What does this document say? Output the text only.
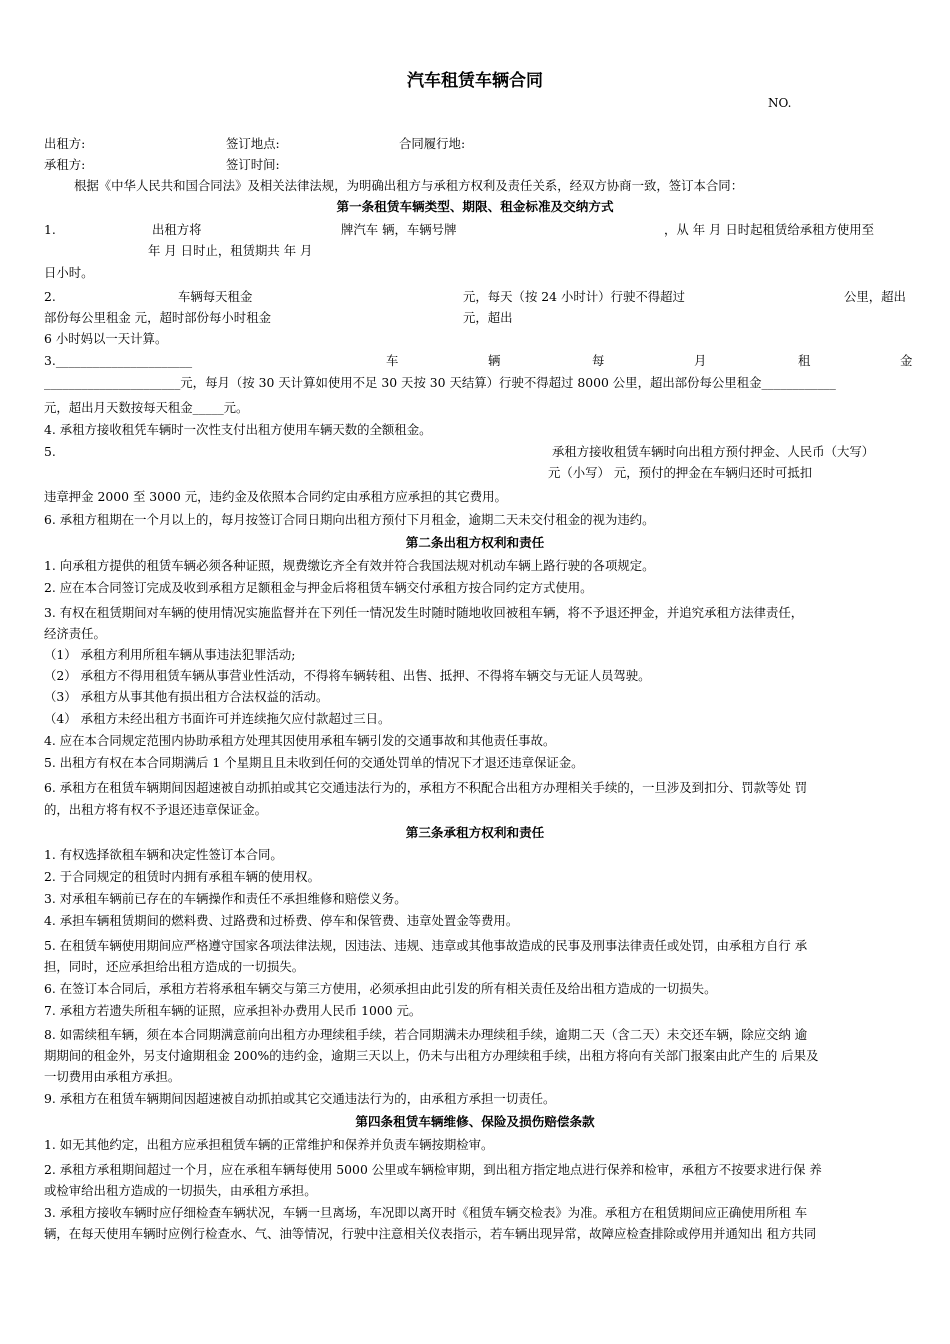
汽车租赁车辆合同
NO.
出租方:	签订地点:	合同履行地:
承租方:	签订时间:
根据《中华人民共和国合同法》及相关法律法规，为明确出租方与承租方权利及责任关系，经双方协商一致，签订本合同：
第一条租赁车辆类型、期限、租金标准及交纳方式
1.	出租方将	牌汽车 辆，车辆号牌	，从 年 月 日时起租赁给承租方使用至
年 月 日时止，租赁期共 年 月
日小时。
2.	车辆每天租金	元，每天（按 24 小时计）行驶不得超过	公里，超出
部份每公里租金 元，超时部份每小时租金	元，超出
6 小时妈以一天计算。
3.______________________	车	辆	每	月	租	金
______________________元，每月（按 30 天计算如使用不足 30 天按 30 天结算）行驶不得超过 8000 公里，超出部份每公里租金____________
元，超出月天数按每天租金_____元。
4. 承租方接收租凭车辆时一次性支付出租方使用车辆天数的全额租金。
5.	承租方接收租赁车辆时向出租方预付押金、人民币（大写）
元（小写） 元，预付的押金在车辆归还时可抵扣
违章押金 2000 至 3000 元，违约金及依照本合同约定由承租方应承担的其它费用。
6. 承租方租期在一个月以上的，每月按签订合同日期向出租方预付下月租金，逾期二天未交付租金的视为违约。
第二条出租方权利和责任
1. 向承租方提供的租赁车辆必须各种证照，规费缴讫齐全有效并符合我国法规对机动车辆上路行驶的各项规定。
2. 应在本合同签订完成及收到承租方足额租金与押金后将租赁车辆交付承租方按合同约定方式使用。
3. 有权在租赁期间对车辆的使用情况实施监督并在下列任一情况发生时随时随地收回被租车辆，将不予退还押金，并追究承租方法律责任，
经济责任。
（1） 承租方利用所租车辆从事违法犯罪活动;
（2） 承租方不得用租赁车辆从事营业性活动，不得将车辆转租、出售、抵押、不得将车辆交与无证人员驾驶。
（3） 承租方从事其他有损出租方合法权益的活动。
（4） 承租方未经出租方书面许可并连续拖欠应付款超过三日。
4. 应在本合同规定范围内协助承租方处理其因使用承租车辆引发的交通事故和其他责任事故。
5. 出租方有权在本合同期满后 1 个星期且且未收到任何的交通处罚单的情况下才退还违章保证金。
6. 承租方在租赁车辆期间因超速被自动抓拍或其它交通违法行为的，承租方不积配合出租方办理相关手续的，一旦涉及到扣分、罚款等处 罚
的，出租方将有权不予退还违章保证金。
第三条承租方权利和责任
1. 有权选择欲租车辆和决定性签订本合同。
2. 于合同规定的租赁时内拥有承租车辆的使用权。
3. 对承租车辆前已存在的车辆操作和责任不承担维修和赔偿义务。
4. 承担车辆租赁期间的燃料费、过路费和过桥费、停车和保管费、违章处置金等费用。
5. 在租赁车辆使用期间应严格遵守国家各项法律法规，因违法、违规、违章或其他事故造成的民事及刑事法律责任或处罚，由承租方自行 承
担，同时，还应承担给出租方造成的一切损失。
6. 在签订本合同后，承租方若将承租车辆交与第三方使用，必须承担由此引发的所有相关责任及给出租方造成的一切损失。
7. 承租方若遗失所租车辆的证照，应承担补办费用人民币 1000 元。
8. 如需续租车辆，须在本合同期满意前向出租方办理续租手续，若合同期满未办理续租手续，逾期二天（含二天）未交还车辆，除应交纳 逾
期期间的租金外，另支付逾期租金 200%的违约金，逾期三天以上，仍未与出租方办理续租手续，出租方将向有关部门报案由此产生的 后果及
一切费用由承租方承担。
9. 承租方在租赁车辆期间因超速被自动抓拍或其它交通违法行为的，由承租方承担一切责任。
第四条租赁车辆维修、保险及损伤赔偿条款
1. 如无其他约定，出租方应承担租赁车辆的正常维护和保养并负责车辆按期检审。
2. 承租方承租期间超过一个月，应在承租车辆每使用 5000 公里或车辆检审期，到出租方指定地点进行保养和检审，承租方不按要求进行保 养
或检审给出租方造成的一切损失，由承租方承担。
3. 承租方接收车辆时应仔细检查车辆状况，车辆一旦离场，车况即以离开时《租赁车辆交检表》为准。承租方在租赁期间应正确使用所租 车
辆，在每天使用车辆时应例行检查水、气、油等情况，行驶中注意相关仪表指示，若车辆出现异常，故障应检查排除或停用并通知出 租方共同
